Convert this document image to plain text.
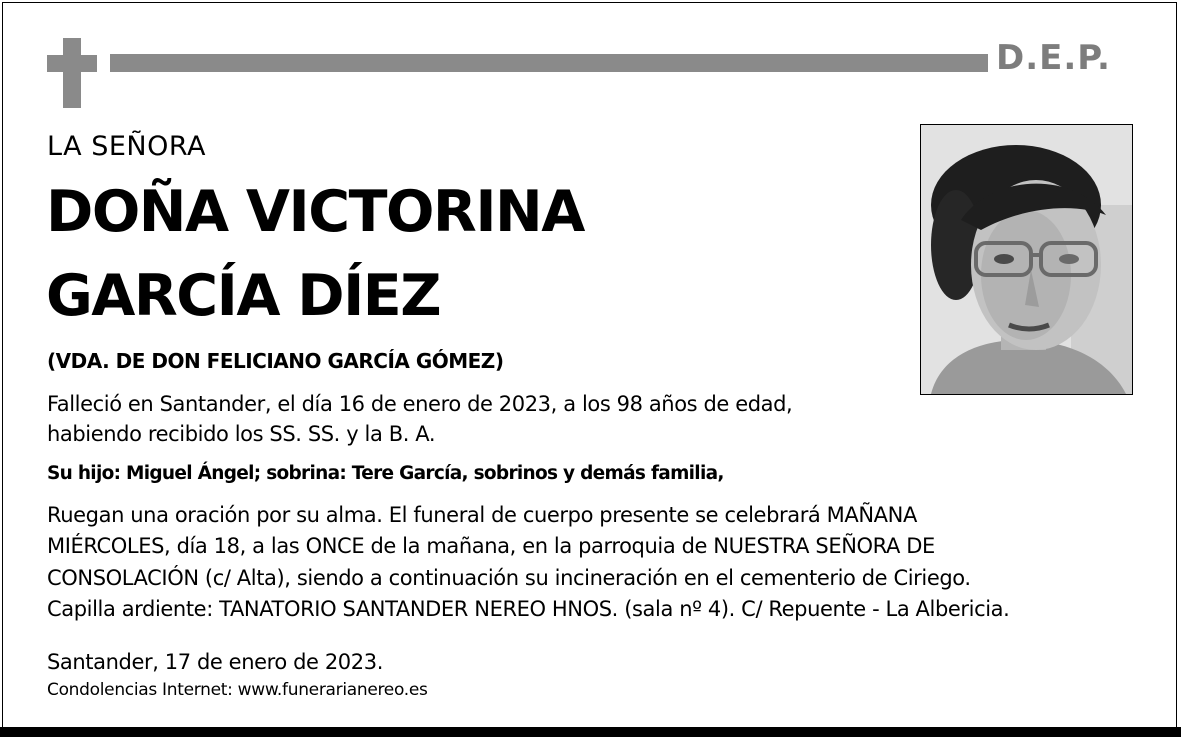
D.E.P.
LA SEÑORA
DOÑA VICTORINA
GARCÍA DÍEZ
(VDA. DE DON FELICIANO GARCÍA GÓMEZ)
Falleció en Santander, el día 16 de enero de 2023, a los 98 años de edad,
habiendo recibido los SS. SS. y la B. A.
Su hijo: Miguel Ángel; sobrina: Tere García, sobrinos y demás familia,
Ruegan una oración por su alma. El funeral de cuerpo presente se celebrará MAÑANA
MIÉRCOLES, día 18, a las ONCE de la mañana, en la parroquia de NUESTRA SEÑORA DE
CONSOLACIÓN (c/ Alta), siendo a continuación su incineración en el cementerio de Ciriego.
Capilla ardiente: TANATORIO SANTANDER NEREO HNOS. (sala nº 4). C/ Repuente - La Albericia.
Santander, 17 de enero de 2023.
Condolencias Internet: www.funerarianereo.es
